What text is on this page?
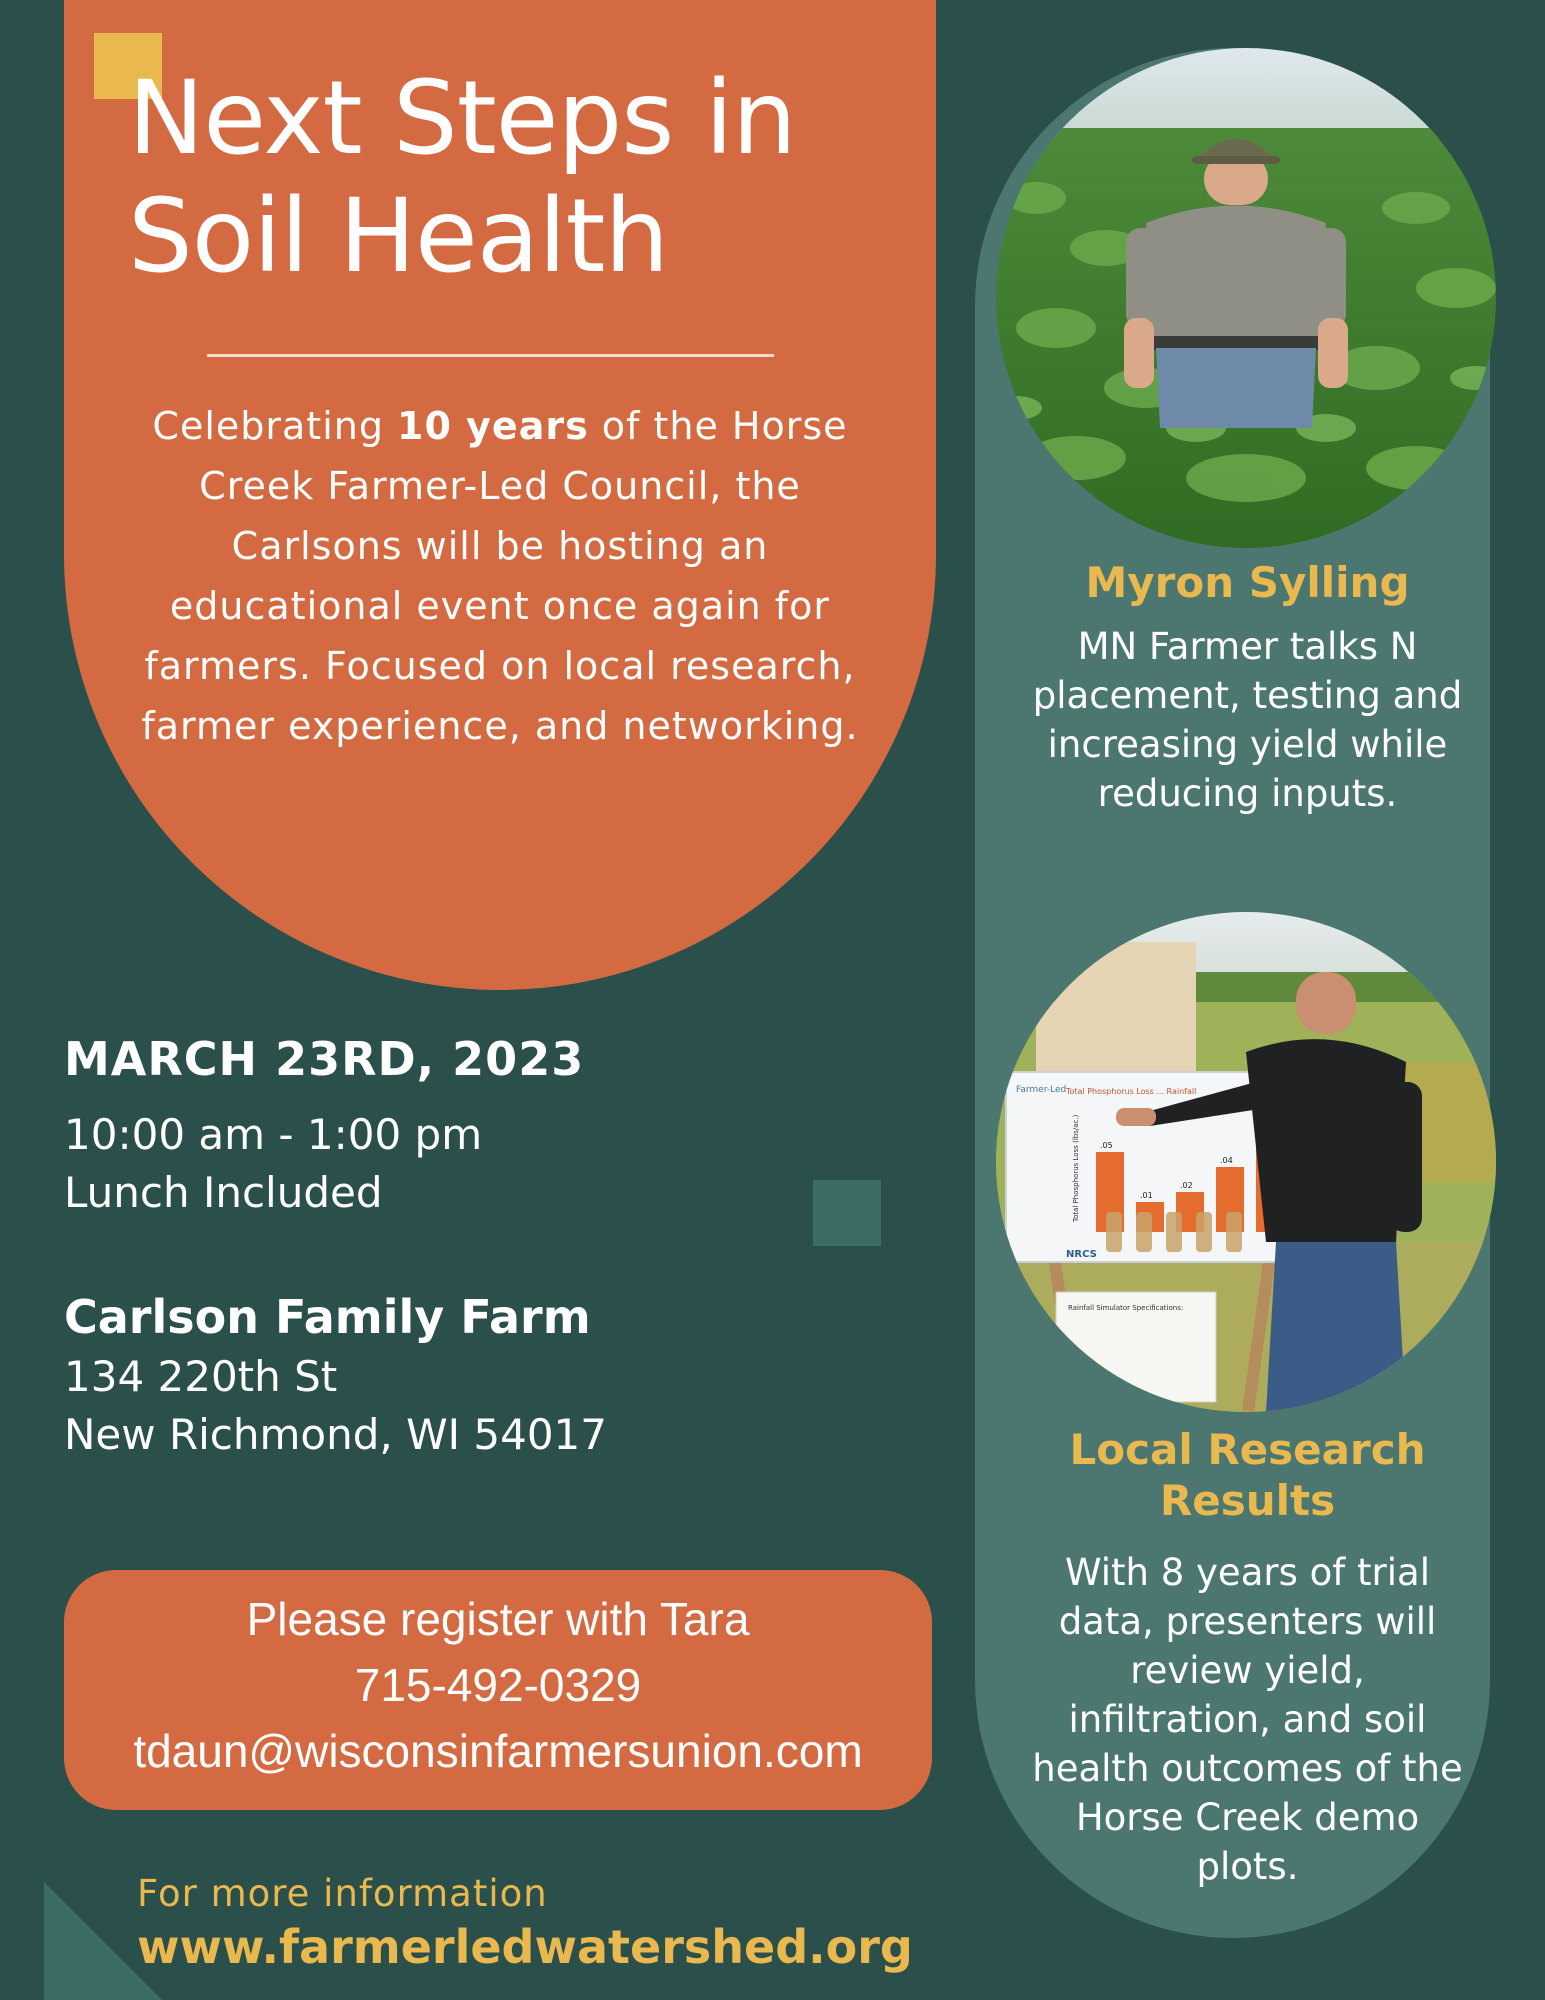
Next Steps in
Soil Health
Celebrating 10 years of the Horse Creek Farmer-Led Council, the Carlsons will be hosting an educational event once again for farmers. Focused on local research, farmer experience, and networking.
Myron Sylling
MN Farmer talks N placement, testing and increasing yield while reducing inputs.
Farmer-Led Total Phosphorus Loss ... Rainfall
Total Phosphorus Loss (lbs/ac.)	.05
.01
.02
.04
NRCS
Rainfall Simulator Specifications:
Local Research Results
With 8 years of trial data, presenters will review yield, infiltration, and soil health outcomes of the Horse Creek demo plots.
MARCH 23RD, 2023
10:00 am - 1:00 pm
Lunch Included
Carlson Family Farm
134 220th St
New Richmond, WI 54017
Please register with Tara
715-492-0329
tdaun@wisconsinfarmersunion.com
For more information
www.farmerledwatershed.org
